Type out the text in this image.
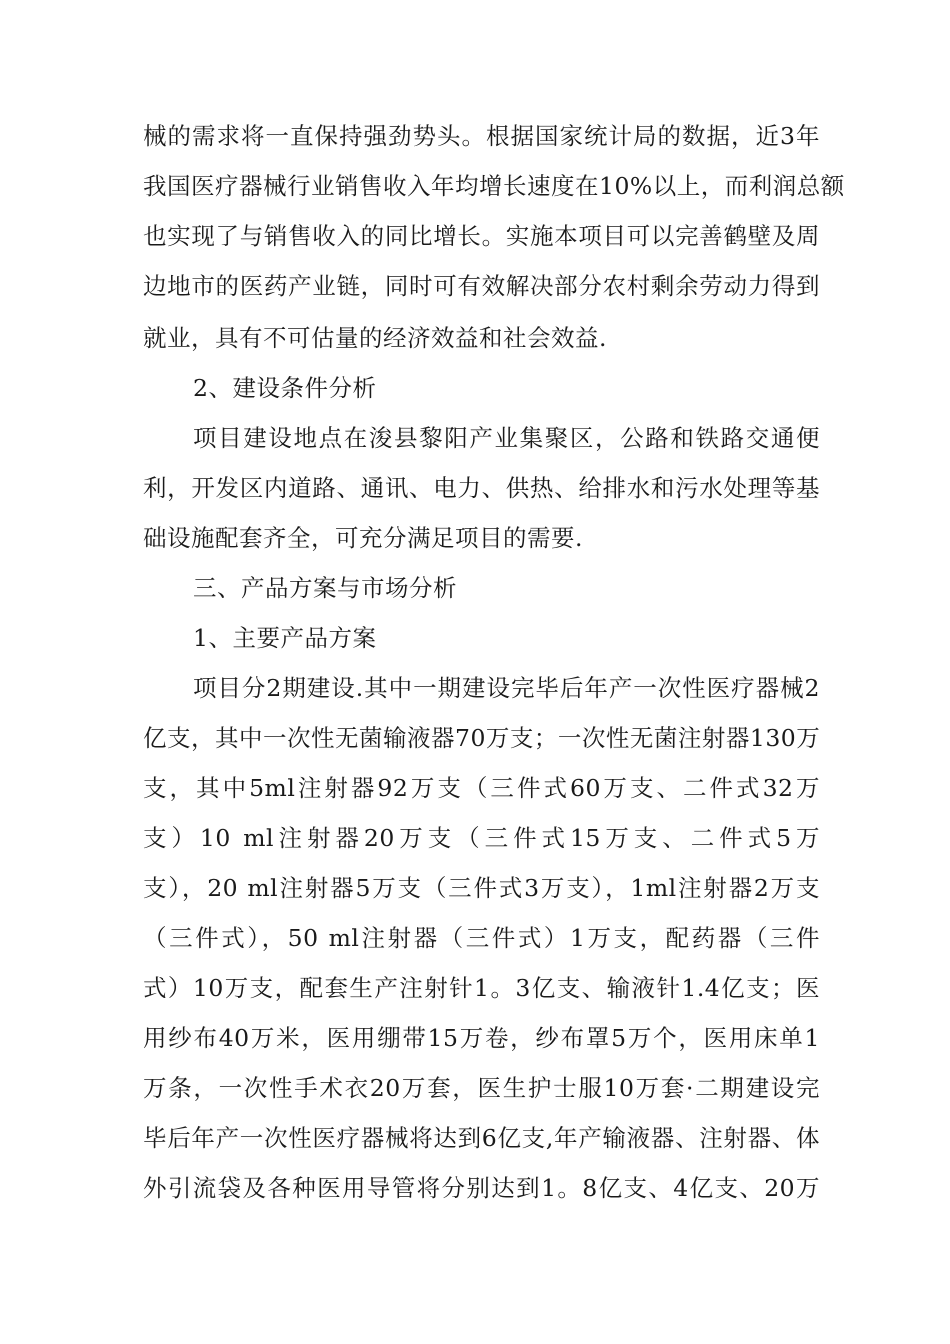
械的需求将一直保持强劲势头。根据国家统计局的数据，近3年
我国医疗器械行业销售收入年均增长速度在10%以上，而利润总额
也实现了与销售收入的同比增长。实施本项目可以完善鹤壁及周
边地市的医药产业链，同时可有效解决部分农村剩余劳动力得到
就业，具有不可估量的经济效益和社会效益.
2、建设条件分析
项目建设地点在浚县黎阳产业集聚区，公路和铁路交通便
利，开发区内道路、通讯、电力、供热、给排水和污水处理等基
础设施配套齐全，可充分满足项目的需要.
三、产品方案与市场分析
1、主要产品方案
项目分2期建设.其中一期建设完毕后年产一次性医疗器械2
亿支，其中一次性无菌输液器70万支；一次性无菌注射器130万
支，其中5ml注射器92万支（三件式60万支、二件式32万
支）10 ml注射器20万支（三件式15万支、二件式5万
支），20 ml注射器5万支（三件式3万支），1ml注射器2万支
（三件式），50 ml注射器（三件式）1万支，配药器（三件
式）10万支，配套生产注射针1。3亿支、输液针1.4亿支；医
用纱布40万米，医用绷带15万卷，纱布罩5万个，医用床单1
万条，一次性手术衣20万套，医生护士服10万套·二期建设完
毕后年产一次性医疗器械将达到6亿支,年产输液器、注射器、体
外引流袋及各种医用导管将分别达到1。8亿支、4亿支、20万
